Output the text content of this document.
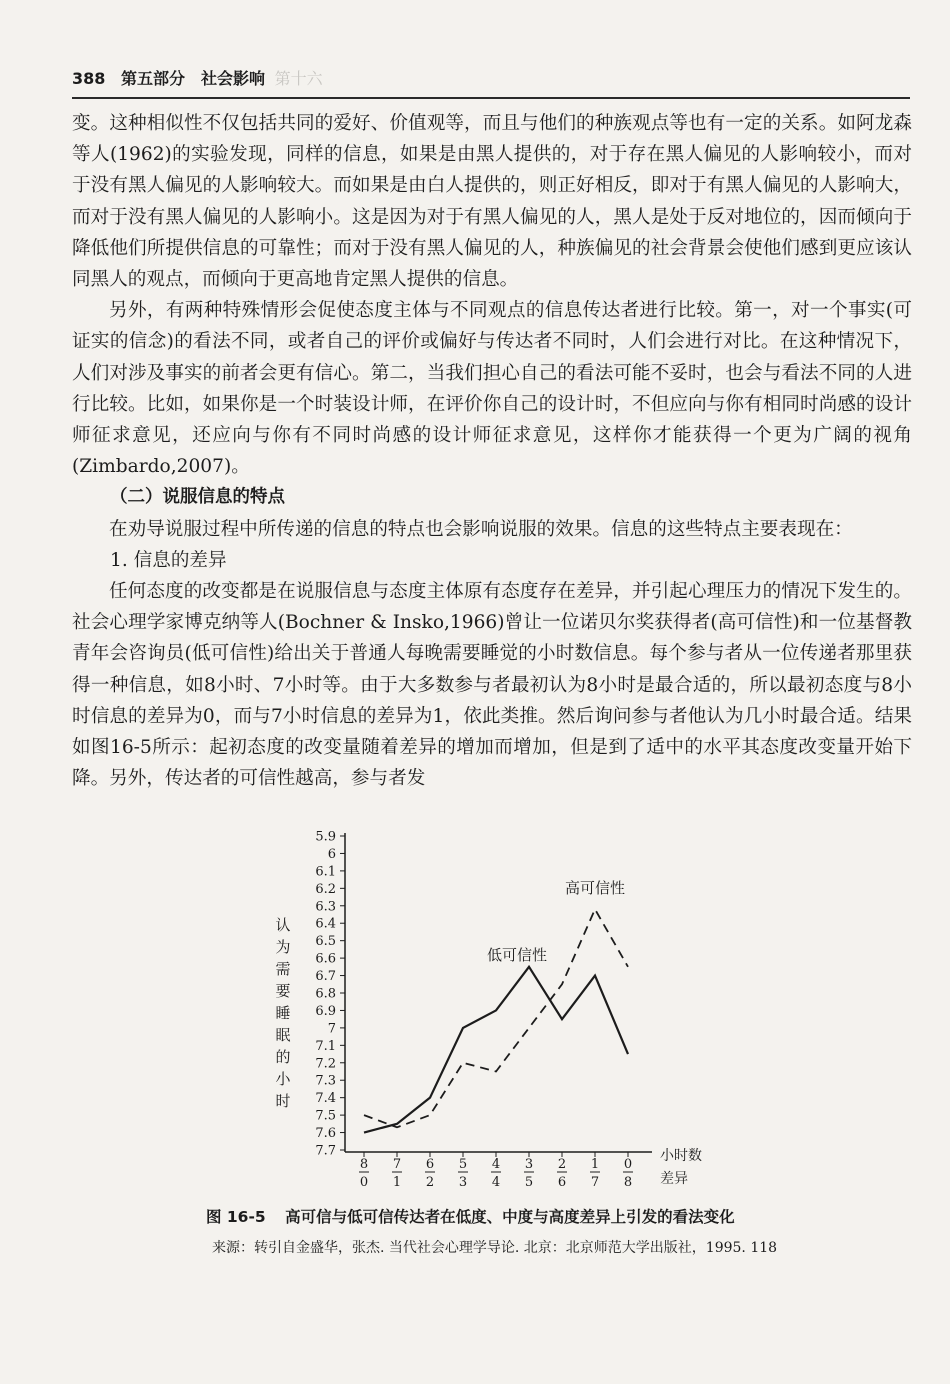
388 第五部分　社会影响 第十六

变。这种相似性不仅包括共同的爱好、价值观等，而且与他们的种族观点等也有一定的关系。如阿龙森等人(1962)的实验发现，同样的信息，如果是由黑人提供的，对于存在黑人偏见的人影响较小，而对于没有黑人偏见的人影响较大。而如果是由白人提供的，则正好相反，即对于有黑人偏见的人影响大，而对于没有黑人偏见的人影响小。这是因为对于有黑人偏见的人，黑人是处于反对地位的，因而倾向于降低他们所提供信息的可靠性；而对于没有黑人偏见的人，种族偏见的社会背景会使他们感到更应该认同黑人的观点，而倾向于更高地肯定黑人提供的信息。

另外，有两种特殊情形会促使态度主体与不同观点的信息传达者进行比较。第一，对一个事实(可证实的信念)的看法不同，或者自己的评价或偏好与传达者不同时，人们会进行对比。在这种情况下，人们对涉及事实的前者会更有信心。第二，当我们担心自己的看法可能不妥时，也会与看法不同的人进行比较。比如，如果你是一个时装设计师，在评价你自己的设计时，不但应向与你有相同时尚感的设计师征求意见，还应向与你有不同时尚感的设计师征求意见，这样你才能获得一个更为广阔的视角(Zimbardo,2007)。

（二）说服信息的特点

在劝导说服过程中所传递的信息的特点也会影响说服的效果。信息的这些特点主要表现在：

1. 信息的差异

任何态度的改变都是在说服信息与态度主体原有态度存在差异，并引起心理压力的情况下发生的。社会心理学家博克纳等人(Bochner & Insko,1966)曾让一位诺贝尔奖获得者(高可信性)和一位基督教青年会咨询员(低可信性)给出关于普通人每晚需要睡觉的小时数信息。每个参与者从一位传递者那里获得一种信息，如8小时、7小时等。由于大多数参与者最初认为8小时是最合适的，所以最初态度与8小时信息的差异为0，而与7小时信息的差异为1，依此类推。然后询问参与者他认为几小时最合适。结果如图16-5所示：起初态度的改变量随着差异的增加而增加，但是到了适中的水平其态度改变量开始下降。另外，传达者的可信性越高，参与者发

5.9
6
6.1
6.2
6.3
6.4
6.5
6.6
6.7
6.8
6.9
7
7.1
7.2
7.3
7.4
7.5
7.6
7.7
8
0
7
1
6
2
5
3
4
4
3
5
2
6
1
7
0
8
认
为
需
要
睡
眠
的
小
时
小时数
差异
高可信性
低可信性
图 16-5 高可信与低可信传达者在低度、中度与高度差异上引发的看法变化
来源：转引自金盛华，张杰. 当代社会心理学导论. 北京：北京师范大学出版社，1995. 118
